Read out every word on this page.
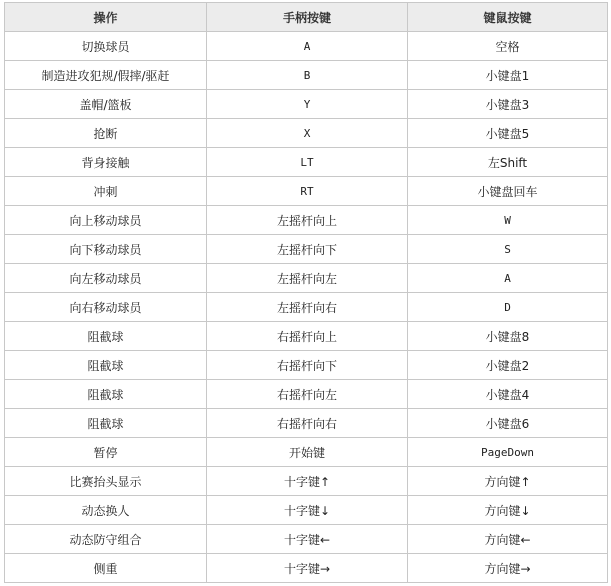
操作	手柄按键	键鼠按键
切换球员	A	空格
制造进攻犯规/假摔/驱赶	B	小键盘1
盖帽/篮板	Y	小键盘3
抢断	X	小键盘5
背身接触	LT	左Shift
冲刺	RT	小键盘回车
向上移动球员	左摇杆向上	W
向下移动球员	左摇杆向下	S
向左移动球员	左摇杆向左	A
向右移动球员	左摇杆向右	D
阻截球	右摇杆向上	小键盘8
阻截球	右摇杆向下	小键盘2
阻截球	右摇杆向左	小键盘4
阻截球	右摇杆向右	小键盘6
暂停	开始键	PageDown
比赛抬头显示	十字键↑	方向键↑
动态换人	十字键↓	方向键↓
动态防守组合	十字键←	方向键←
侧重	十字键→	方向键→
